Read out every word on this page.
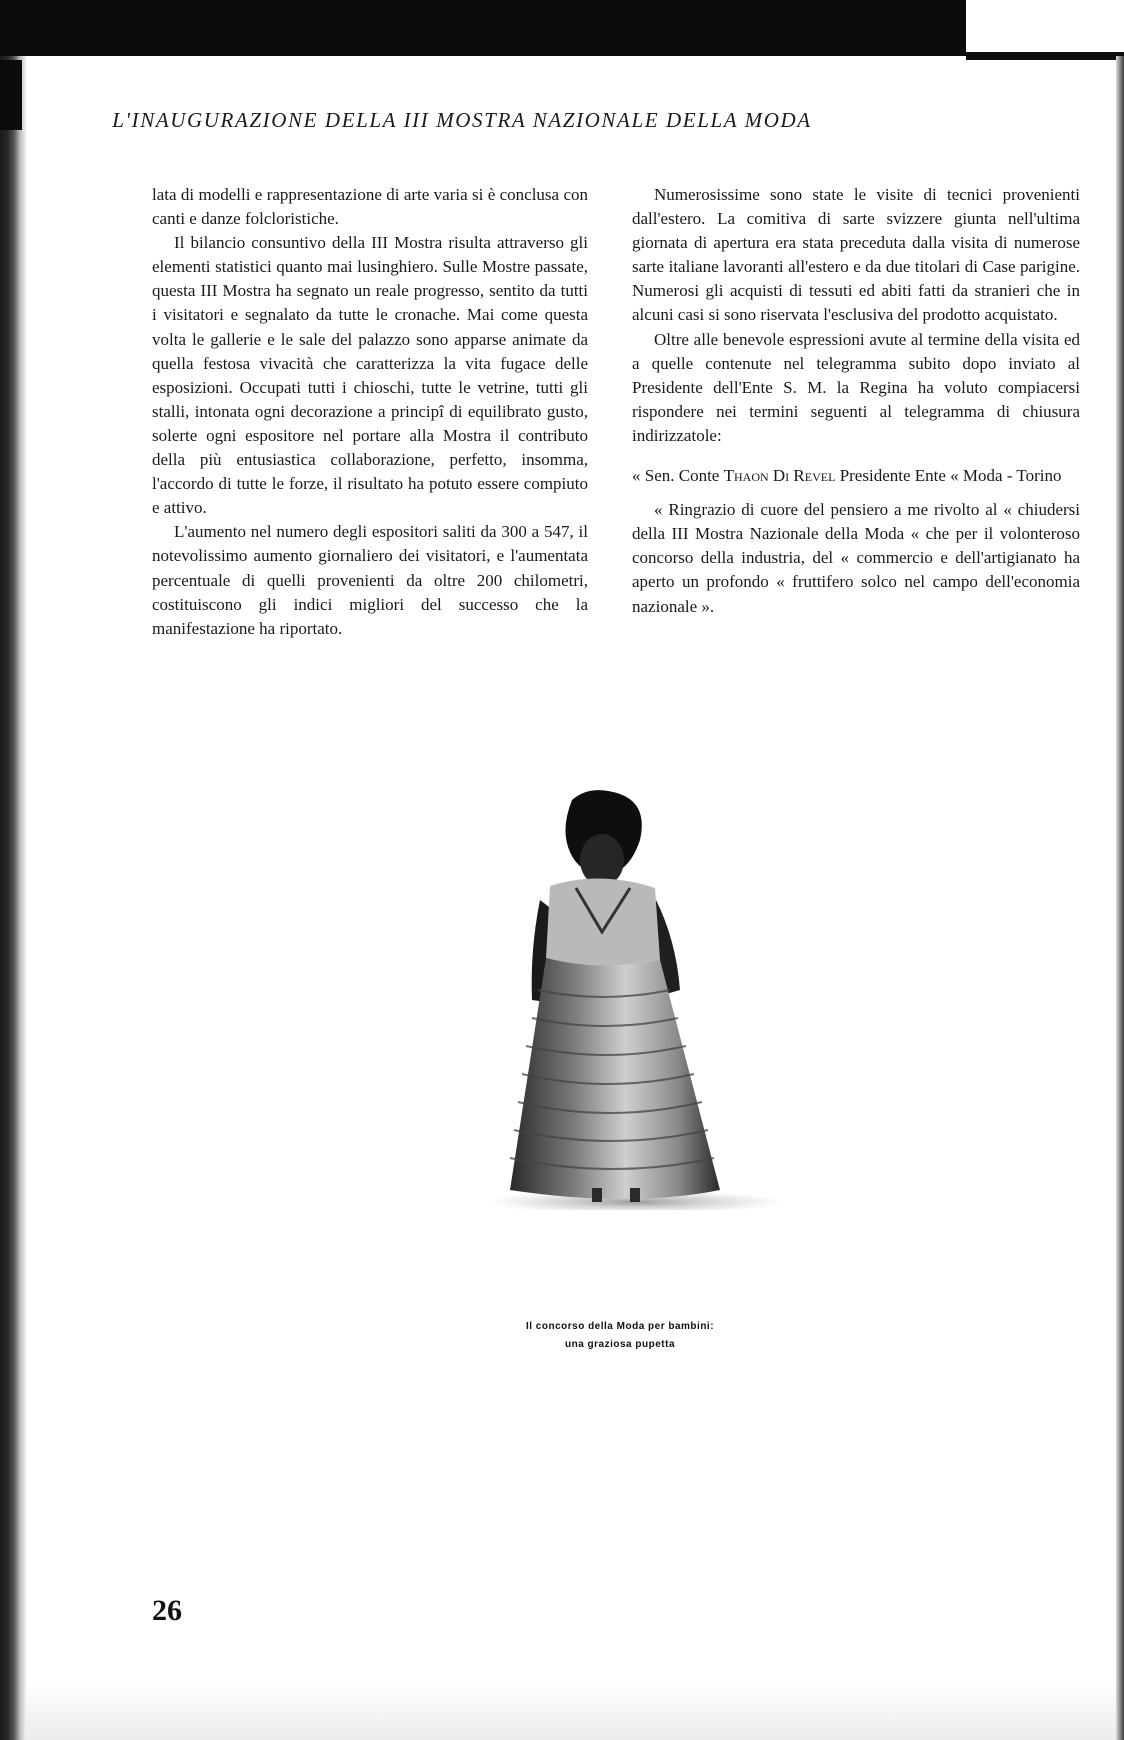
L'INAUGURAZIONE DELLA III MOSTRA NAZIONALE DELLA MODA

lata di modelli e rappresentazione di arte varia si è conclusa con canti e danze folcloristiche.

Il bilancio consuntivo della III Mostra risulta attraverso gli elementi statistici quanto mai lusinghiero. Sulle Mostre passate, questa III Mostra ha segnato un reale progresso, sentito da tutti i visitatori e segnalato da tutte le cronache. Mai come questa volta le gallerie e le sale del palazzo sono apparse animate da quella festosa vivacità che caratterizza la vita fugace delle esposizioni. Occupati tutti i chioschi, tutte le vetrine, tutti gli stalli, intonata ogni decorazione a principî di equilibrato gusto, solerte ogni espositore nel portare alla Mostra il contributo della più entusiastica collaborazione, perfetto, insomma, l'accordo di tutte le forze, il risultato ha potuto essere compiuto e attivo.

L'aumento nel numero degli espositori saliti da 300 a 547, il notevolissimo aumento giornaliero dei visitatori, e l'aumentata percentuale di quelli provenienti da oltre 200 chilometri, costituiscono gli indici migliori del successo che la manifestazione ha riportato.

Numerosissime sono state le visite di tecnici provenienti dall'estero. La comitiva di sarte svizzere giunta nell'ultima giornata di apertura era stata preceduta dalla visita di numerose sarte italiane lavoranti all'estero e da due titolari di Case parigine. Numerosi gli acquisti di tessuti ed abiti fatti da stranieri che in alcuni casi si sono riservata l'esclusiva del prodotto acquistato.

Oltre alle benevole espressioni avute al termine della visita ed a quelle contenute nel telegramma subito dopo inviato al Presidente dell'Ente S. M. la Regina ha voluto compiacersi rispondere nei termini seguenti al telegramma di chiusura indirizzatole:

« Sen. Conte Thaon Di Revel Presidente Ente « Moda - Torino

« Ringrazio di cuore del pensiero a me rivolto al « chiudersi della III Mostra Nazionale della Moda « che per il volonteroso concorso della industria, del « commercio e dell'artigianato ha aperto un profondo « fruttifero solco nel campo dell'economia nazionale ».

Il concorso della Moda per bambini:
una graziosa pupetta
26
